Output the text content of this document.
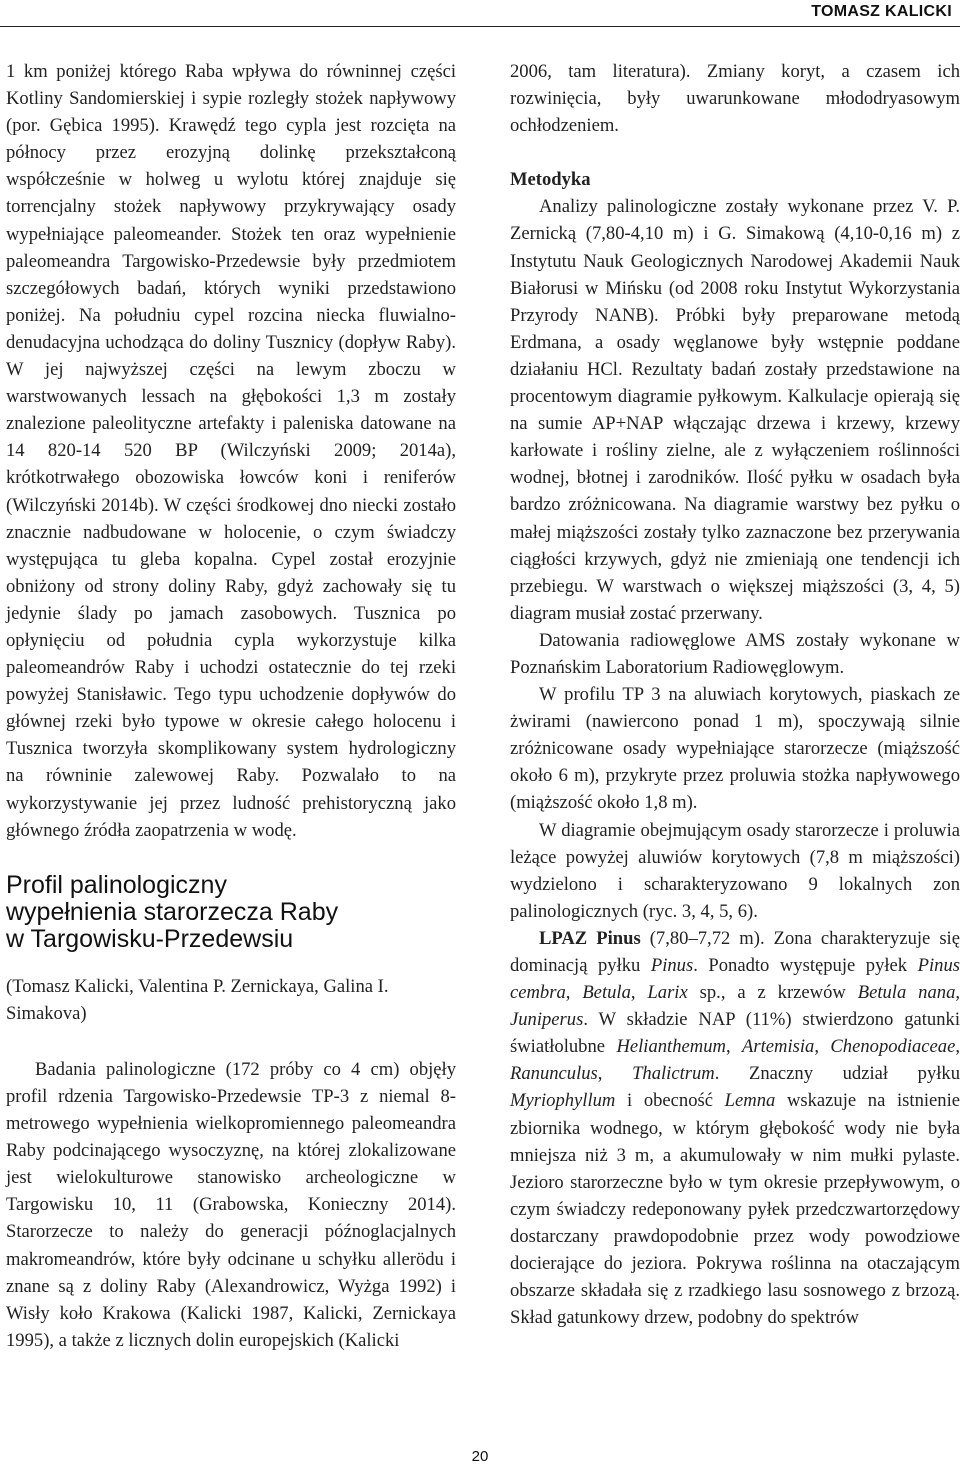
TOMASZ KALICKI

1 km poniżej którego Raba wpływa do równinnej części Kotliny Sandomierskiej i sypie rozległy stożek napływowy (por. Gębica 1995). Krawędź tego cypla jest rozcięta na północy przez erozyjną dolinkę przekształconą współcześnie w holweg u wylotu której znajduje się torrencjalny stożek napływowy przykrywający osady wypełniające paleomeander. Stożek ten oraz wypełnienie paleomeandra Targowisko-Przedewsie były przedmiotem szczegółowych badań, których wyniki przedstawiono poniżej. Na południu cypel rozcina niecka fluwialno-denudacyjna uchodząca do doliny Tusznicy (dopływ Raby). W jej najwyższej części na lewym zboczu w warstwowanych lessach na głębokości 1,3 m zostały znalezione paleolityczne artefakty i paleniska datowane na 14 820-14 520 BP (Wilczyński 2009; 2014a), krótkotrwałego obozowiska łowców koni i reniferów (Wilczyński 2014b). W części środkowej dno niecki zostało znacznie nadbudowane w holocenie, o czym świadczy występująca tu gleba kopalna. Cypel został erozyjnie obniżony od strony doliny Raby, gdyż zachowały się tu jedynie ślady po jamach zasobowych. Tusznica po opłynięciu od południa cypla wykorzystuje kilka paleomeandrów Raby i uchodzi ostatecznie do tej rzeki powyżej Stanisławic. Tego typu uchodzenie dopływów do głównej rzeki było typowe w okresie całego holocenu i Tusznica tworzyła skomplikowany system hydrologiczny na równinie zalewowej Raby. Pozwalało to na wykorzystywanie jej przez ludność prehistoryczną jako głównego źródła zaopatrzenia w wodę.

Profil palinologiczny
wypełnienia starorzecza Raby
w Targowisku-Przedewsiu

(Tomasz Kalicki, Valentina P. Zernickaya, Galina I. Simakova)

Badania palinologiczne (172 próby co 4 cm) objęły profil rdzenia Targowisko-Przedewsie TP-3 z niemal 8-metrowego wypełnienia wielkopromiennego paleomeandra Raby podcinającego wysoczyznę, na której zlokalizowane jest wielokulturowe stanowisko archeologiczne w Targowisku 10, 11 (Grabowska, Konieczny 2014). Starorzecze to należy do generacji późnoglacjalnych makromeandrów, które były odcinane u schyłku allerödu i znane są z doliny Raby (Alexandrowicz, Wyżga 1992) i Wisły koło Krakowa (Kalicki 1987, Kalicki, Zernickaya 1995), a także z licznych dolin europejskich (Kalicki

2006, tam literatura). Zmiany koryt, a czasem ich rozwinięcia, były uwarunkowane młododryasowym ochłodzeniem.

Metodyka

Analizy palinologiczne zostały wykonane przez V. P. Zernicką (7,80-4,10 m) i G. Simakową (4,10-0,16 m) z Instytutu Nauk Geologicznych Narodowej Akademii Nauk Białorusi w Mińsku (od 2008 roku Instytut Wykorzystania Przyrody NANB). Próbki były preparowane metodą Erdmana, a osady węglanowe były wstępnie poddane działaniu HCl. Rezultaty badań zostały przedstawione na procentowym diagramie pyłkowym. Kalkulacje opierają się na sumie AP+NAP włączając drzewa i krzewy, krzewy karłowate i rośliny zielne, ale z wyłączeniem roślinności wodnej, błotnej i zarodników. Ilość pyłku w osadach była bardzo zróżnicowana. Na diagramie warstwy bez pyłku o małej miąższości zostały tylko zaznaczone bez przerywania ciągłości krzywych, gdyż nie zmieniają one tendencji ich przebiegu. W warstwach o większej miąższości (3, 4, 5) diagram musiał zostać przerwany.

Datowania radiowęglowe AMS zostały wykonane w Poznańskim Laboratorium Radiowęglowym.

W profilu TP 3 na aluwiach korytowych, piaskach ze żwirami (nawiercono ponad 1 m), spoczywają silnie zróżnicowane osady wypełniające starorzecze (miąższość około 6 m), przykryte przez proluwia stożka napływowego (miąższość około 1,8 m).

W diagramie obejmującym osady starorzecze i proluwia leżące powyżej aluwiów korytowych (7,8 m miąższości) wydzielono i scharakteryzowano 9 lokalnych zon palinologicznych (ryc. 3, 4, 5, 6).

LPAZ Pinus (7,80–7,72 m). Zona charakteryzuje się dominacją pyłku Pinus. Ponadto występuje pyłek Pinus cembra, Betula, Larix sp., a z krzewów Betula nana, Juniperus. W składzie NAP (11%) stwierdzono gatunki światłolubne Helianthemum, Artemisia, Chenopodiaceae, Ranunculus, Thalictrum. Znaczny udział pyłku Myriophyllum i obecność Lemna wskazuje na istnienie zbiornika wodnego, w którym głębokość wody nie była mniejsza niż 3 m, a akumulowały w nim mułki pylaste. Jezioro starorzeczne było w tym okresie przepływowym, o czym świadczy redeponowany pyłek przedczwartorzędowy dostarczany prawdopodobnie przez wody powodziowe docierające do jeziora. Pokrywa roślinna na otaczającym obszarze składała się z rzadkiego lasu sosnowego z brzozą. Skład gatunkowy drzew, podobny do spektrów

20
